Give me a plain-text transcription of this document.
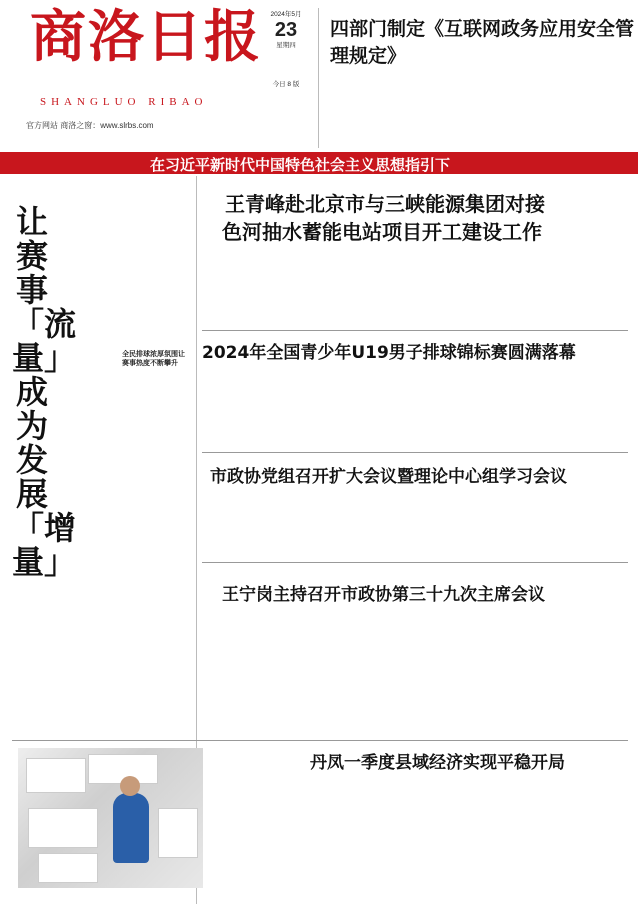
商洛日报
SHANGLUO RIBAO
官方网站 商洛之窗：www.slrbs.com
2024年5月
23
星期四
今日 8 版
四部门制定《互联网政务应用安全管理规定》
在习近平新时代中国特色社会主义思想指引下
让赛事「流量」成为发展「增量」
全民排球浓厚氛围让赛事热度不断攀升
王青峰赴北京市与三峡能源集团对接
色河抽水蓄能电站项目开工建设工作
2024年全国青少年U19男子排球锦标赛圆满落幕
市政协党组召开扩大会议暨理论中心组学习会议
王宁岗主持召开市政协第三十九次主席会议
丹凤一季度县域经济实现平稳开局
